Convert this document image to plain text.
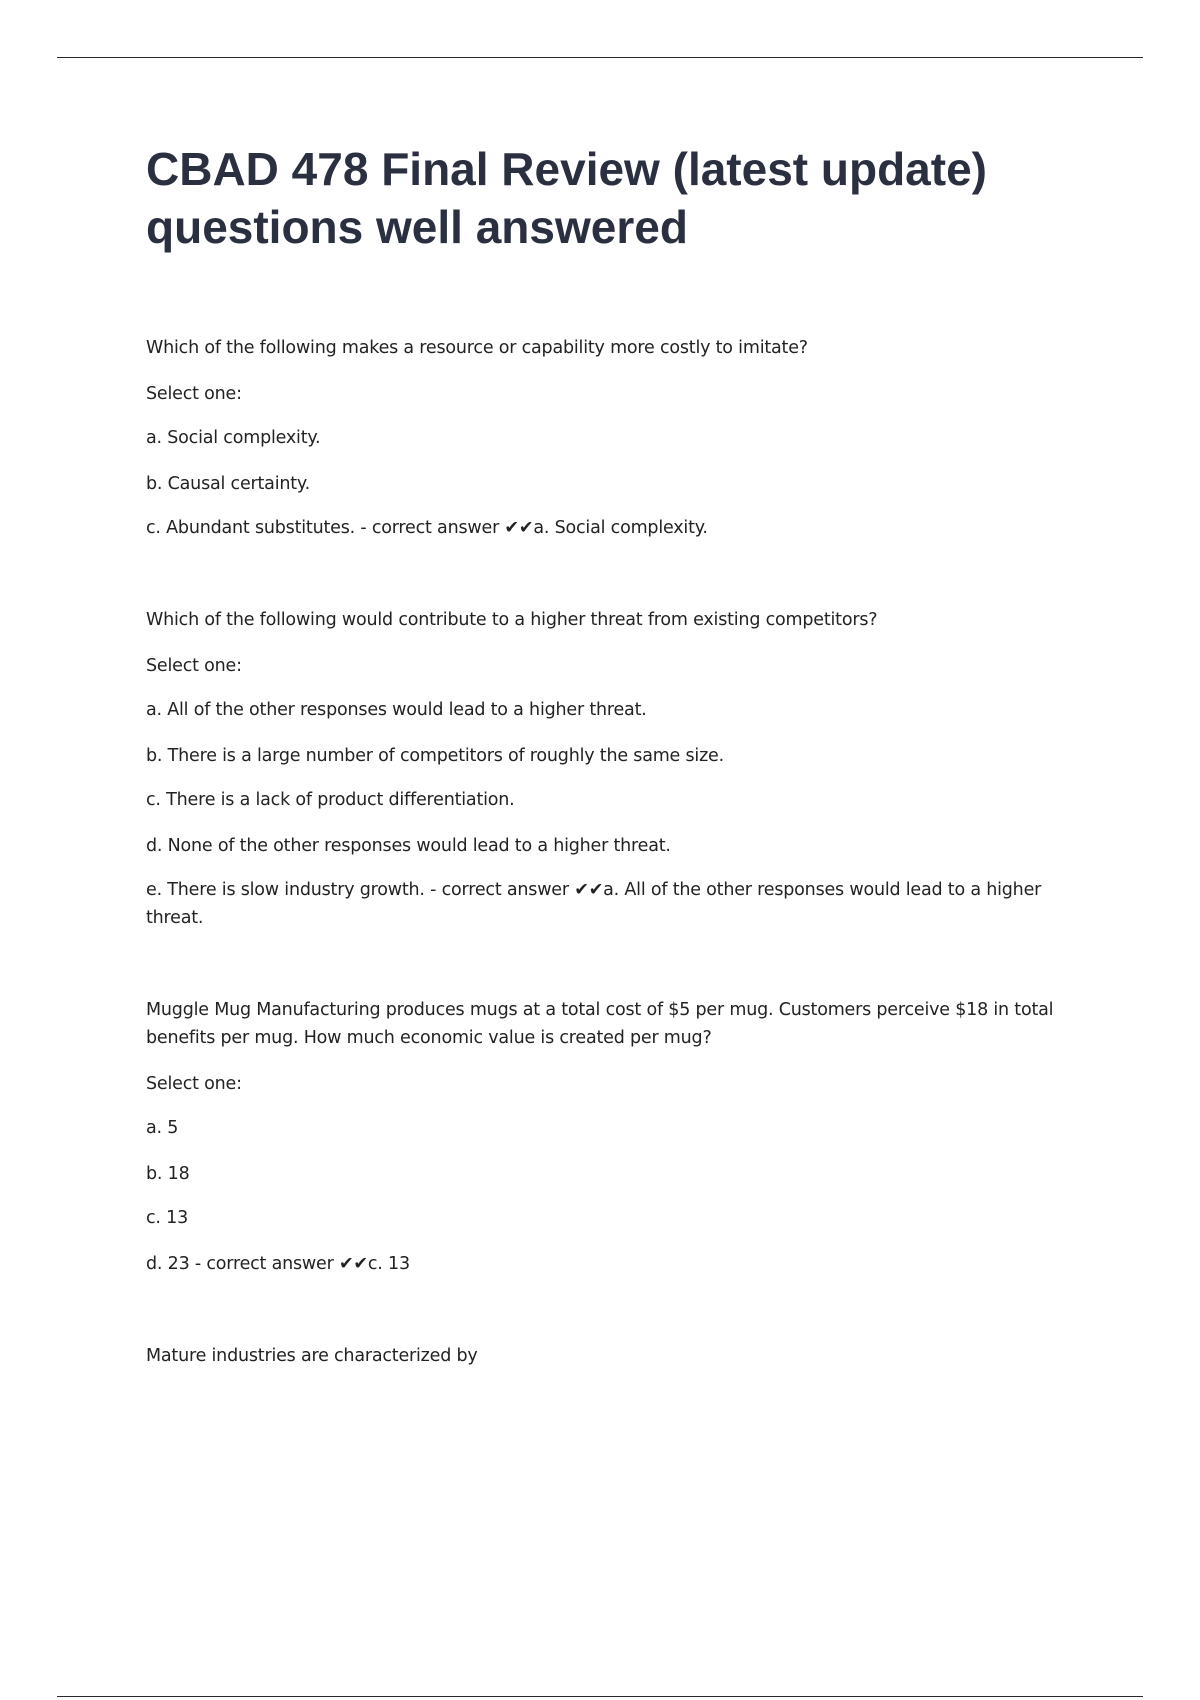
CBAD 478 Final Review (latest update) questions well answered

Which of the following makes a resource or capability more costly to imitate?

Select one:

a. Social complexity.

b. Causal certainty.

c. Abundant substitutes. - correct answer ✔✔a. Social complexity.

Which of the following would contribute to a higher threat from existing competitors?

Select one:

a. All of the other responses would lead to a higher threat.

b. There is a large number of competitors of roughly the same size.

c. There is a lack of product differentiation.

d. None of the other responses would lead to a higher threat.

e. There is slow industry growth. - correct answer ✔✔a. All of the other responses would lead to a higher threat.

Muggle Mug Manufacturing produces mugs at a total cost of $5 per mug. Customers perceive $18 in total benefits per mug. How much economic value is created per mug?

Select one:

a. 5

b. 18

c. 13

d. 23 - correct answer ✔✔c. 13

Mature industries are characterized by
